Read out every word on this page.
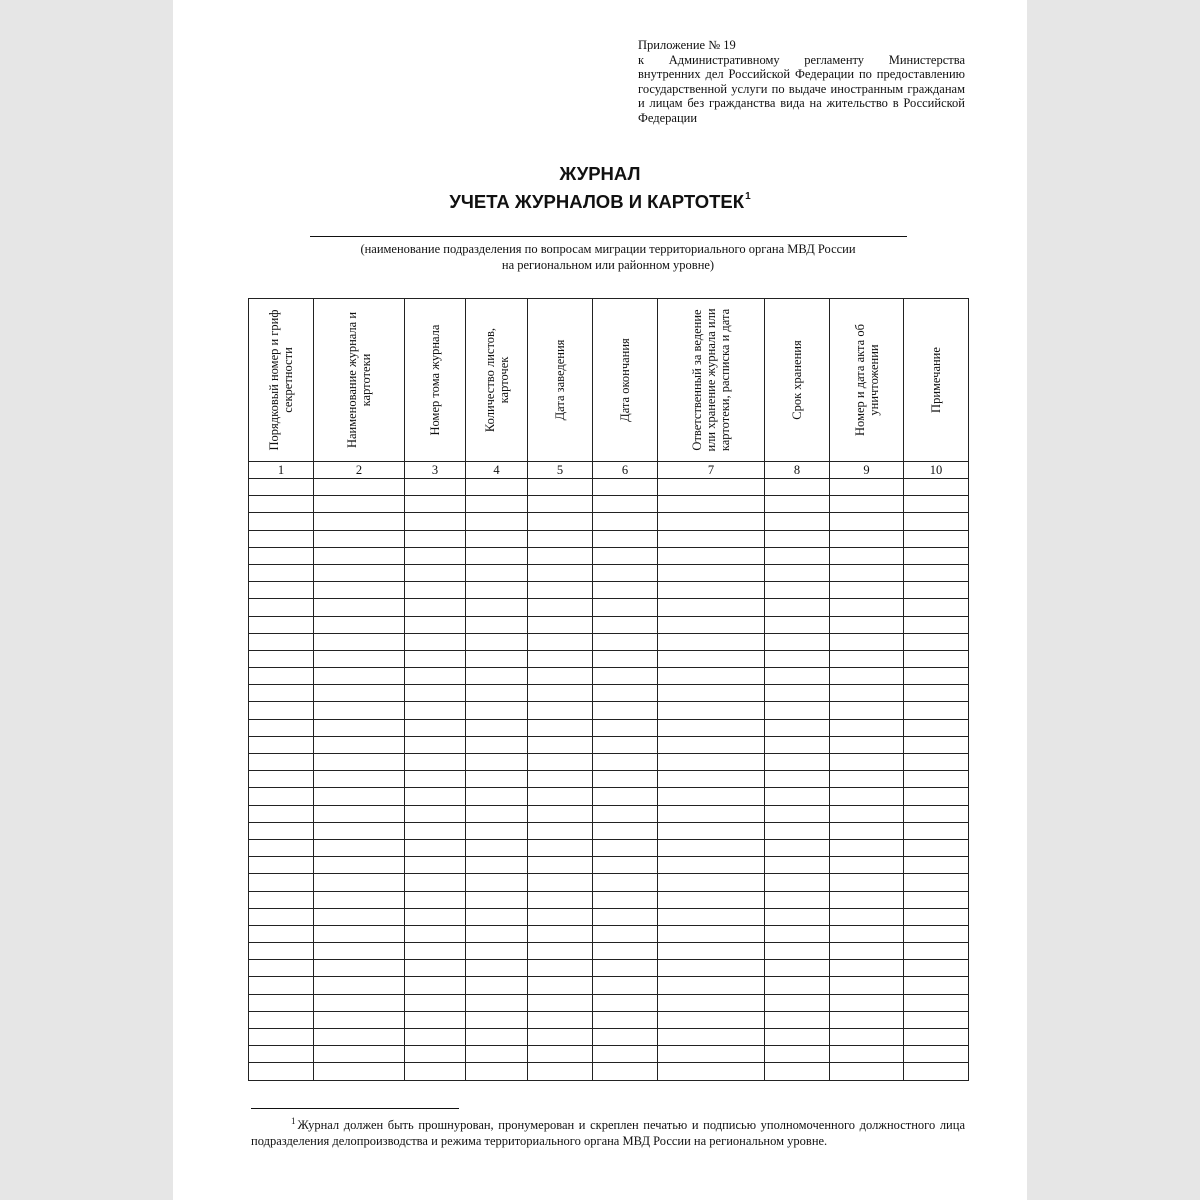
Приложение № 19
к Административному регламенту Министерства внутренних дел Российской Федерации по предоставлению государственной услуги по выдаче иностранным гражданам и лицам без гражданства вида на жительство в Российской Федерации
ЖУРНАЛ
УЧЕТА ЖУРНАЛОВ И КАРТОТЕК$^1$
(наименование подразделения по вопросам миграции территориального органа МВД России
на региональном или районном уровне)
Порядковый номер и гриф секретности	Наименование журнала и картотеки	Номер тома журнала	Количество листов, карточек	Дата заведения	Дата окончания	Ответственный за ведение или хранение журнала или картотеки, расписка и дата	Срок хранения	Номер и дата акта об уничтожении	Примечание

1	2	3	4	5	6	7	8	9	10

$^1$ Журнал должен быть прошнурован, пронумерован и скреплен печатью и подписью уполномоченного должностного лица подразделения делопроизводства и режима территориального органа МВД России на региональном уровне.
